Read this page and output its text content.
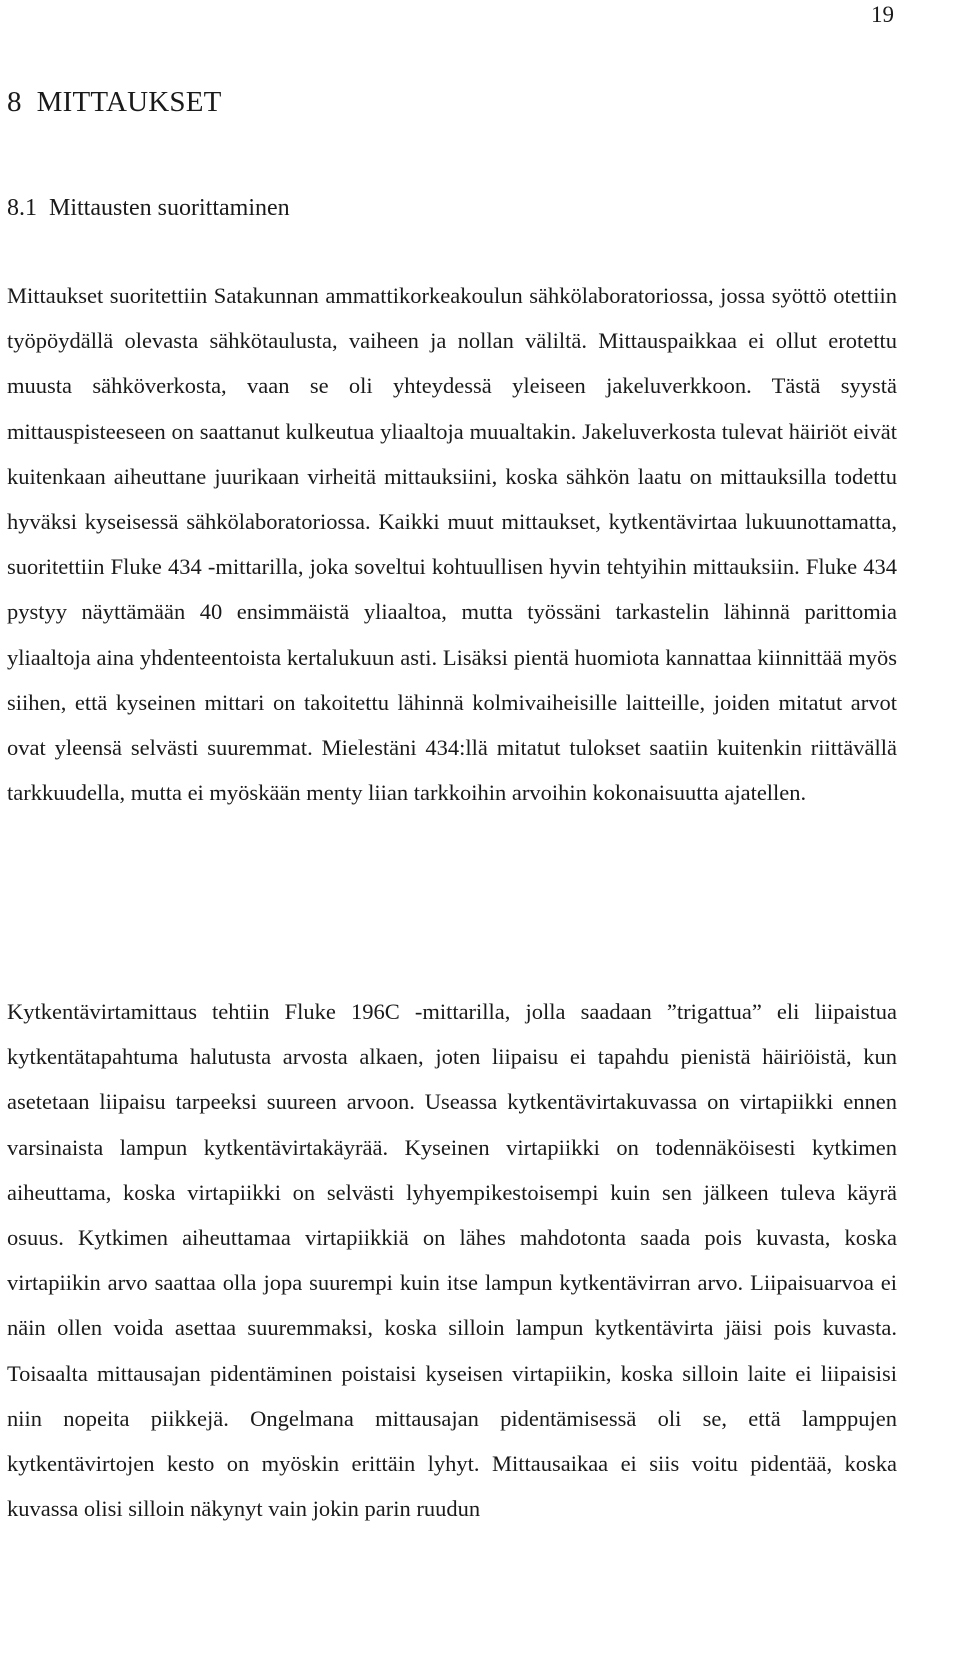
19
8  MITTAUKSET
8.1  Mittausten suorittaminen

Mittaukset suoritettiin Satakunnan ammattikorkeakoulun sähkölaboratoriossa, jossa syöttö otettiin työpöydällä olevasta sähkötaulusta, vaiheen ja nollan väliltä. Mittauspaikkaa ei ollut erotettu muusta sähköverkosta, vaan se oli yhteydessä yleiseen jakeluverkkoon. Tästä syystä mittauspisteeseen on saattanut kulkeutua yliaaltoja muualtakin. Jakeluverkosta tulevat häiriöt eivät kuitenkaan aiheuttane juurikaan virheitä mittauksiini, koska sähkön laatu on mittauksilla todettu hyväksi kyseisessä sähkölaboratoriossa. Kaikki muut mittaukset, kytkentävirtaa lukuunottamatta, suoritettiin Fluke 434 -mittarilla, joka soveltui kohtuullisen hyvin tehtyihin mittauksiin. Fluke 434 pystyy näyttämään 40 ensimmäistä yliaaltoa, mutta työssäni tarkastelin lähinnä parittomia yliaaltoja aina yhdenteentoista kertalukuun asti. Lisäksi pientä huomiota kannattaa kiinnittää myös siihen, että kyseinen mittari on takoitettu lähinnä kolmivaiheisille laitteille, joiden mitatut arvot ovat yleensä selvästi suuremmat. Mielestäni 434:llä mitatut tulokset saatiin kuitenkin riittävällä tarkkuudella, mutta ei myöskään menty liian tarkkoihin arvoihin kokonaisuutta ajatellen.

Kytkentävirtamittaus tehtiin Fluke 196C -mittarilla, jolla saadaan ”trigattua” eli liipaistua kytkentätapahtuma halutusta arvosta alkaen, joten liipaisu ei tapahdu pienistä häiriöistä, kun asetetaan liipaisu tarpeeksi suureen arvoon. Useassa kytkentävirtakuvassa on virtapiikki ennen varsinaista lampun kytkentävirtakäyrää. Kyseinen virtapiikki on todennäköisesti kytkimen aiheuttama, koska virtapiikki on selvästi lyhyempikestoisempi kuin sen jälkeen tuleva käyrä osuus. Kytkimen aiheuttamaa virtapiikkiä on lähes mahdotonta saada pois kuvasta, koska virtapiikin arvo saattaa olla jopa suurempi kuin itse lampun kytkentävirran arvo. Liipaisuarvoa ei näin ollen voida asettaa suuremmaksi, koska silloin lampun kytkentävirta jäisi pois kuvasta. Toisaalta mittausajan pidentäminen poistaisi kyseisen virtapiikin, koska silloin laite ei liipaisisi niin nopeita piikkejä. Ongelmana mittausajan pidentämisessä oli se, että lamppujen kytkentävirtojen kesto on myöskin erittäin lyhyt. Mittausaikaa ei siis voitu pidentää, koska kuvassa olisi silloin näkynyt vain jokin parin ruudun
